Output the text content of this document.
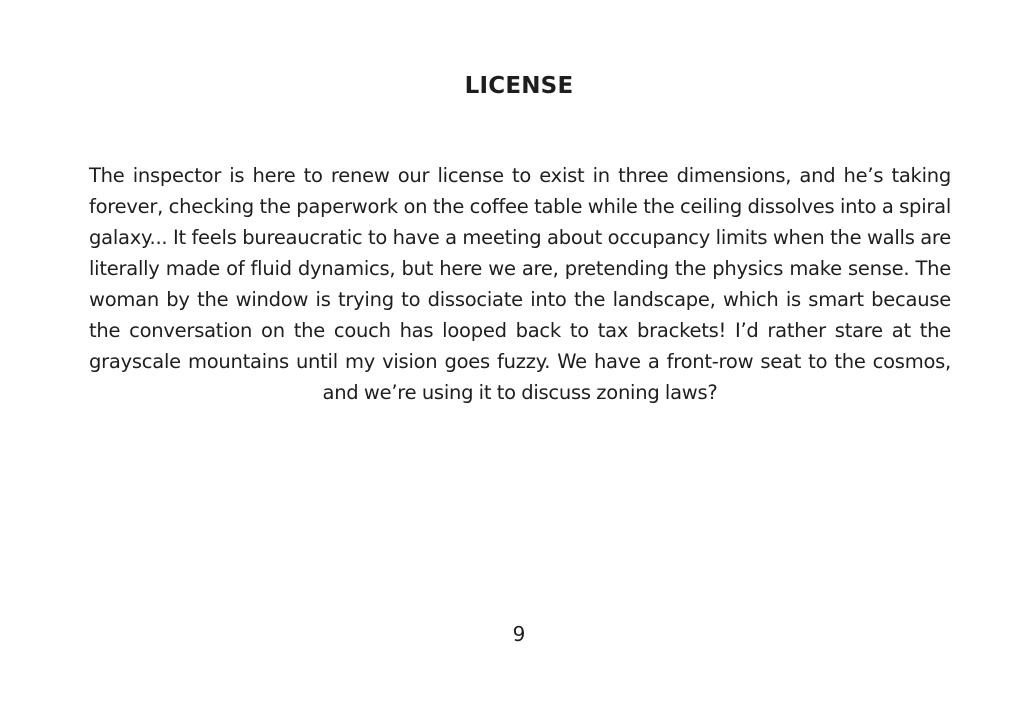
LICENSE

The inspector is here to renew our license to exist in three dimensions, and he’s taking forever, checking the paperwork on the coffee table while the ceiling dissolves into a spiral galaxy... It feels bureaucratic to have a meeting about occupancy limits when the walls are literally made of fluid dynamics, but here we are, pretending the physics make sense. The woman by the window is trying to dissociate into the landscape, which is smart because the conversation on the couch has looped back to tax brackets! I’d rather stare at the grayscale mountains until my vision goes fuzzy. We have a front-row seat to the cosmos, and we’re using it to discuss zoning laws?

9
